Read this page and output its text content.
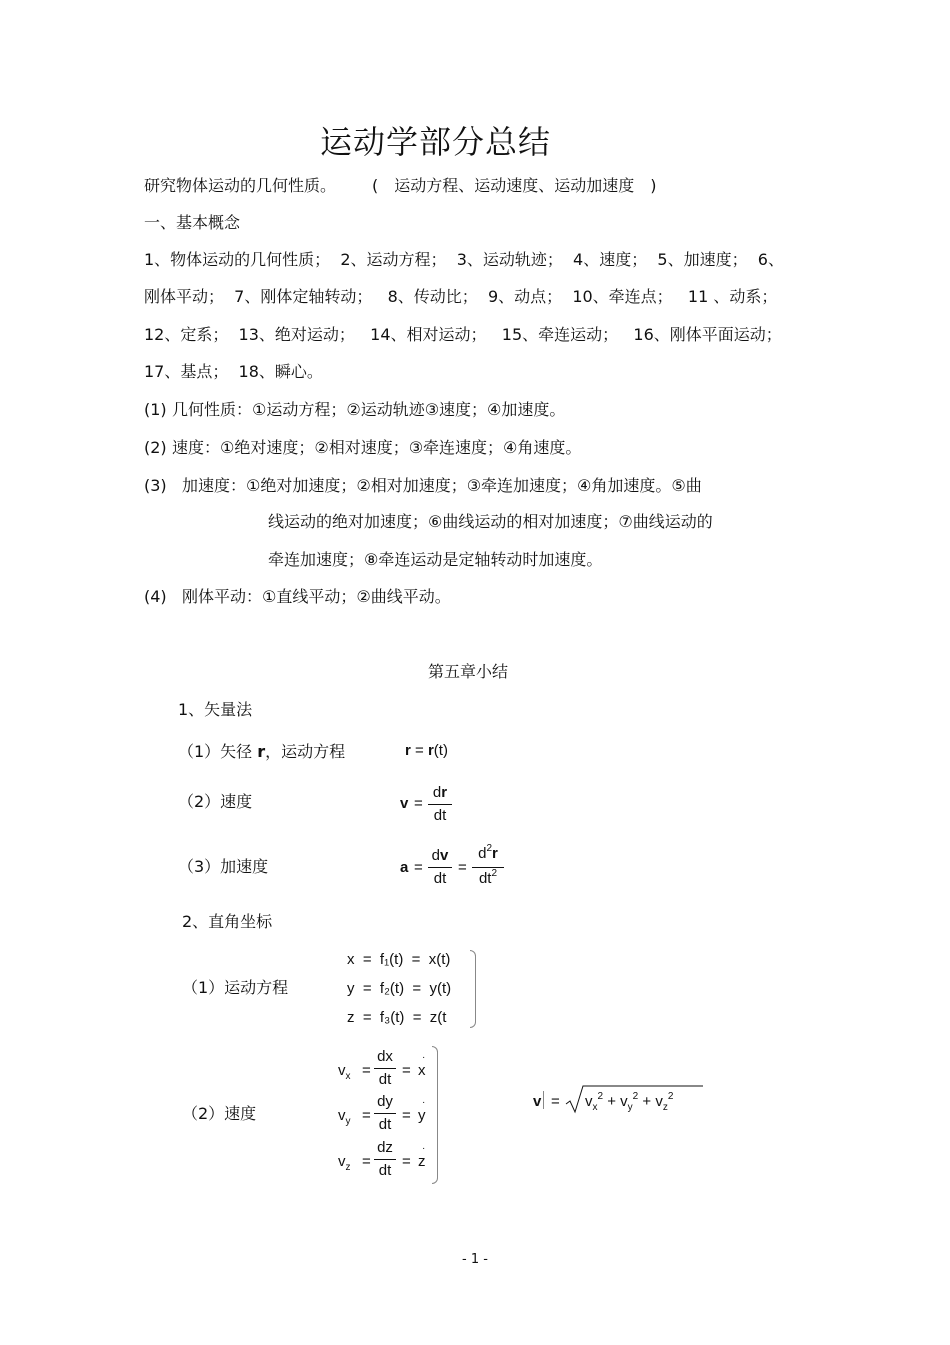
运动学部分总结
研究物体运动的几何性质。 (　运动方程、运动速度、运动加速度　)
一、基本概念
1、物体运动的几何性质；  2、运动方程；  3、运动轨迹；  4、速度；  5、加速度；  6、
刚体平动；  7、刚体定轴转动；   8、传动比；  9、动点；  10、牵连点；   11 、动系；
12、定系；  13、绝对运动；   14、相对运动；   15、牵连运动；   16、刚体平面运动；
17、基点；  18、瞬心。
(1) 几何性质：①运动方程；②运动轨迹③速度；④加速度。
(2) 速度：①绝对速度；②相对速度；③牵连速度；④角速度。
(3) 加速度：①绝对加速度；②相对加速度；③牵连加速度；④角加速度。⑤曲
线运动的绝对加速度；⑥曲线运动的相对加速度；⑦曲线运动的
牵连加速度；⑧牵连运动是定轴转动时加速度。
(4) 刚体平动：①直线平动；②曲线平动。
第五章小结
1、矢量法
（1）矢径 r，运动方程	r = r(t)
（2）速度	v =
dr
dt
（3）加速度	a =
dv
dt
=
$d^2r$
$dt^2$
2、直角坐标
（1）运动方程
x  =  f₁(t)  =  x(t)
y  =  f₂(t)  =  y(t)
z  =  f₃(t)  =  z(t
（2）速度
$v_x$ =
dx
dt
= x
·
$v_y$ =
dy
dt
= y
·
$v_z$ =
dz
dt
= z
·
$v = v_x^2 + v_y^2 + v_z^2$
- 1 -
